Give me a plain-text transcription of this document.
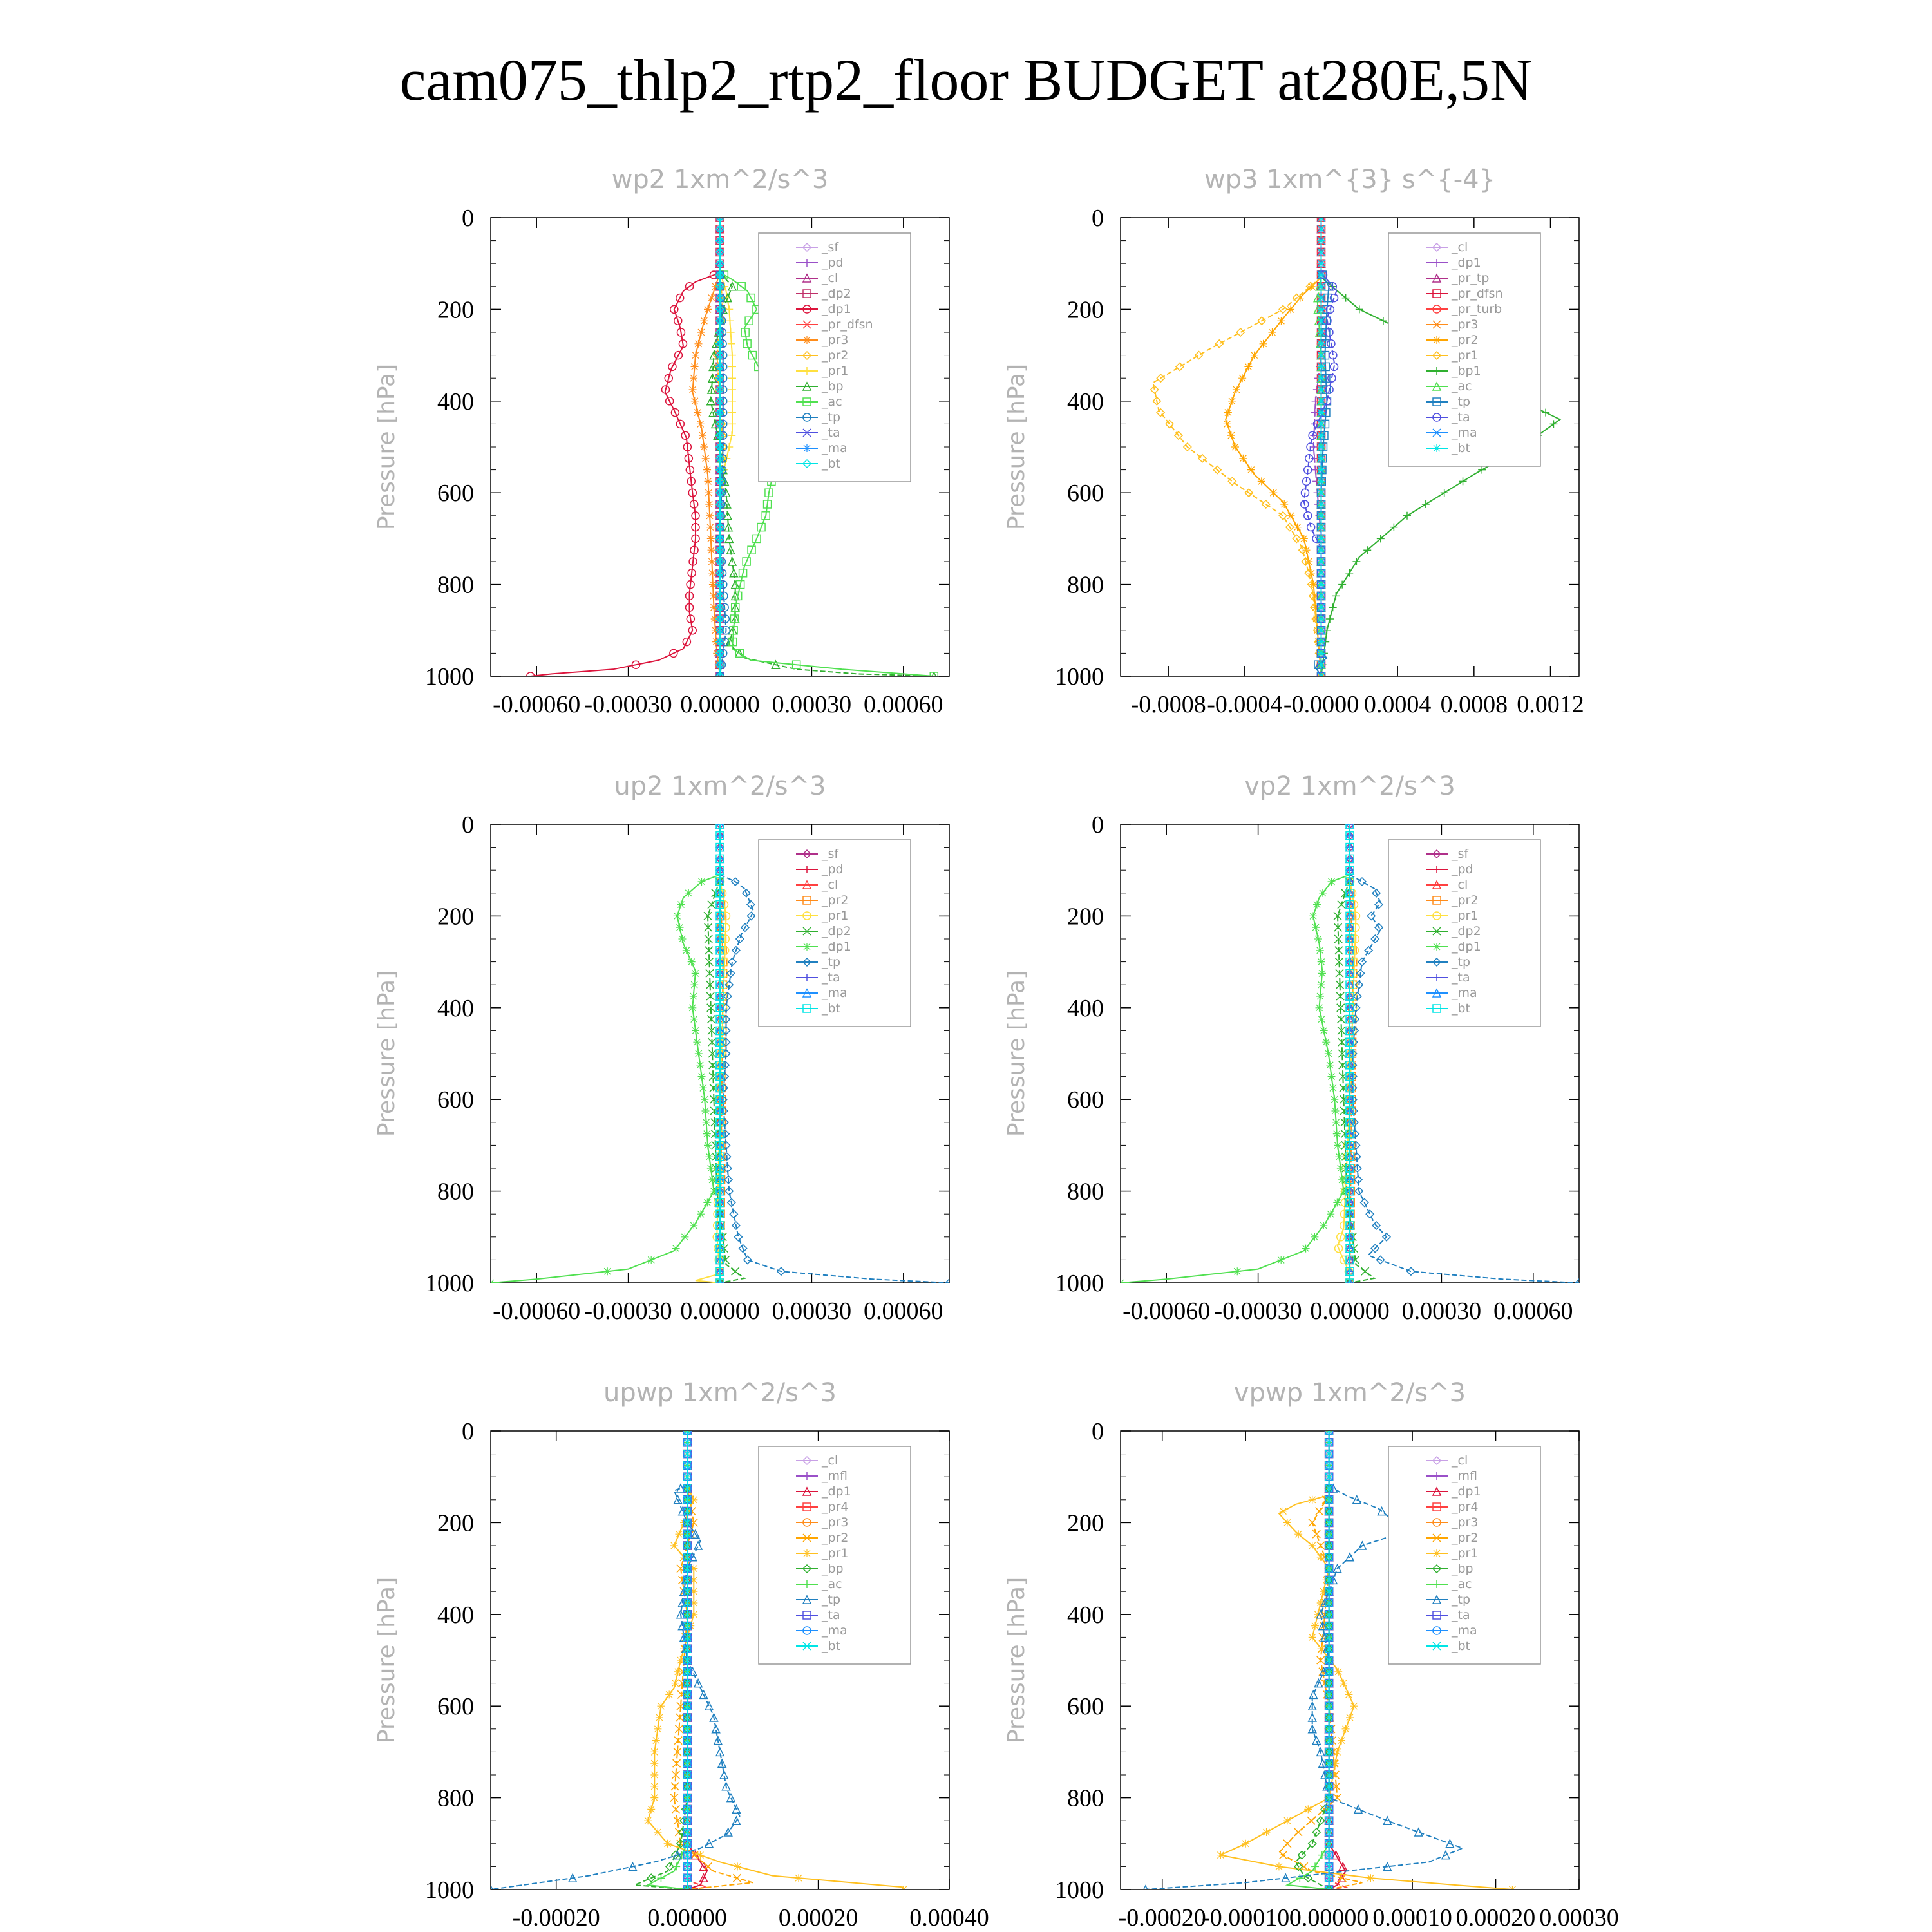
cam075_thlp2_rtp2_floor BUDGET at280E,5N
0
200
400
600
800
1000
-0.00060 -0.00030 0.00000 0.00030 0.00060
wp2 1xm^2/s^3
Pressure [hPa]
_sf
_pd
_cl
_dp2
_dp1
_pr_dfsn
_pr3
_pr2
_pr1
_bp
_ac
_tp
_ta
_ma
_bt
0
200
400
600
800
1000
-0.0008 -0.0004 -0.0000 0.0004 0.0008 0.0012
wp3 1xm^{3} s^{-4}
Pressure [hPa]
_cl
_dp1
_pr_tp
_pr_dfsn
_pr_turb
_pr3
_pr2
_pr1
_bp1
_ac
_tp
_ta
_ma
_bt
0
200
400
600
800
1000
-0.00060 -0.00030 0.00000 0.00030 0.00060
up2 1xm^2/s^3
Pressure [hPa]
_sf
_pd
_cl
_pr2
_pr1
_dp2
_dp1
_tp
_ta
_ma
_bt
0
200
400
600
800
1000
-0.00060 -0.00030 0.00000 0.00030 0.00060
vp2 1xm^2/s^3
Pressure [hPa]
_sf
_pd
_cl
_pr2
_pr1
_dp2
_dp1
_tp
_ta
_ma
_bt
0
200
400
600
800
1000
-0.00020 0.00000 0.00020 0.00040
upwp 1xm^2/s^3
Pressure [hPa]
_cl
_mfl
_dp1
_pr4
_pr3
_pr2
_pr1
_bp
_ac
_tp
_ta
_ma
_bt
0
200
400
600
800
1000
-0.00020
-0.00010 0.00000 0.00010 0.00020 0.00030
vpwp 1xm^2/s^3
Pressure [hPa]
_cl
_mfl
_dp1
_pr4
_pr3
_pr2
_pr1
_bp
_ac
_tp
_ta
_ma
_bt
